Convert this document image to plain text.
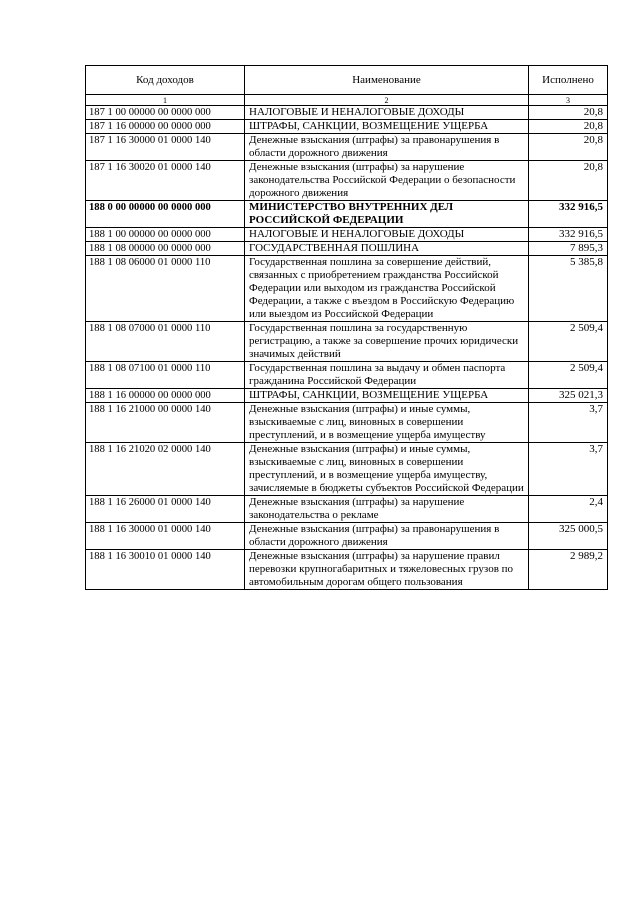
Код доходов	Наименование	Исполнено
1	2	3
187 1 00 00000 00 0000 000	НАЛОГОВЫЕ И НЕНАЛОГОВЫЕ ДОХОДЫ	20,8
187 1 16 00000 00 0000 000	ШТРАФЫ, САНКЦИИ, ВОЗМЕЩЕНИЕ УЩЕРБА	20,8
187 1 16 30000 01 0000 140	Денежные взыскания (штрафы) за правонарушения в области дорожного движения	20,8
187 1 16 30020 01 0000 140	Денежные взыскания (штрафы) за нарушение законодательства Российской Федерации о безопасности дорожного движения	20,8
188 0 00 00000 00 0000 000	МИНИСТЕРСТВО ВНУТРЕННИХ ДЕЛ РОССИЙСКОЙ ФЕДЕРАЦИИ	332 916,5
188 1 00 00000 00 0000 000	НАЛОГОВЫЕ И НЕНАЛОГОВЫЕ ДОХОДЫ	332 916,5
188 1 08 00000 00 0000 000	ГОСУДАРСТВЕННАЯ ПОШЛИНА	7 895,3
188 1 08 06000 01 0000 110	Государственная пошлина за совершение действий, связанных с приобретением гражданства Российской Федерации или выходом из гражданства Российской Федерации, а также с въездом в Российскую Федерацию или выездом из Российской Федерации	5 385,8
188 1 08 07000 01 0000 110	Государственная пошлина за государственную регистрацию, а также за совершение прочих юридически значимых действий	2 509,4
188 1 08 07100 01 0000 110	Государственная пошлина за выдачу и обмен паспорта гражданина Российской Федерации	2 509,4
188 1 16 00000 00 0000 000	ШТРАФЫ, САНКЦИИ, ВОЗМЕЩЕНИЕ УЩЕРБА	325 021,3
188 1 16 21000 00 0000 140	Денежные взыскания (штрафы) и иные суммы, взыскиваемые с лиц, виновных в совершении преступлений, и в возмещение ущерба имуществу	3,7
188 1 16 21020 02 0000 140	Денежные взыскания (штрафы) и иные суммы, взыскиваемые с лиц, виновных в совершении преступлений, и в возмещение ущерба имуществу, зачисляемые в бюджеты субъектов Российской Федерации	3,7
188 1 16 26000 01 0000 140	Денежные взыскания (штрафы) за нарушение законодательства о рекламе	2,4
188 1 16 30000 01 0000 140	Денежные взыскания (штрафы) за правонарушения в области дорожного движения	325 000,5
188 1 16 30010 01 0000 140	Денежные взыскания (штрафы) за нарушение правил перевозки крупногабаритных и тяжеловесных грузов по автомобильным дорогам общего пользования	2 989,2
